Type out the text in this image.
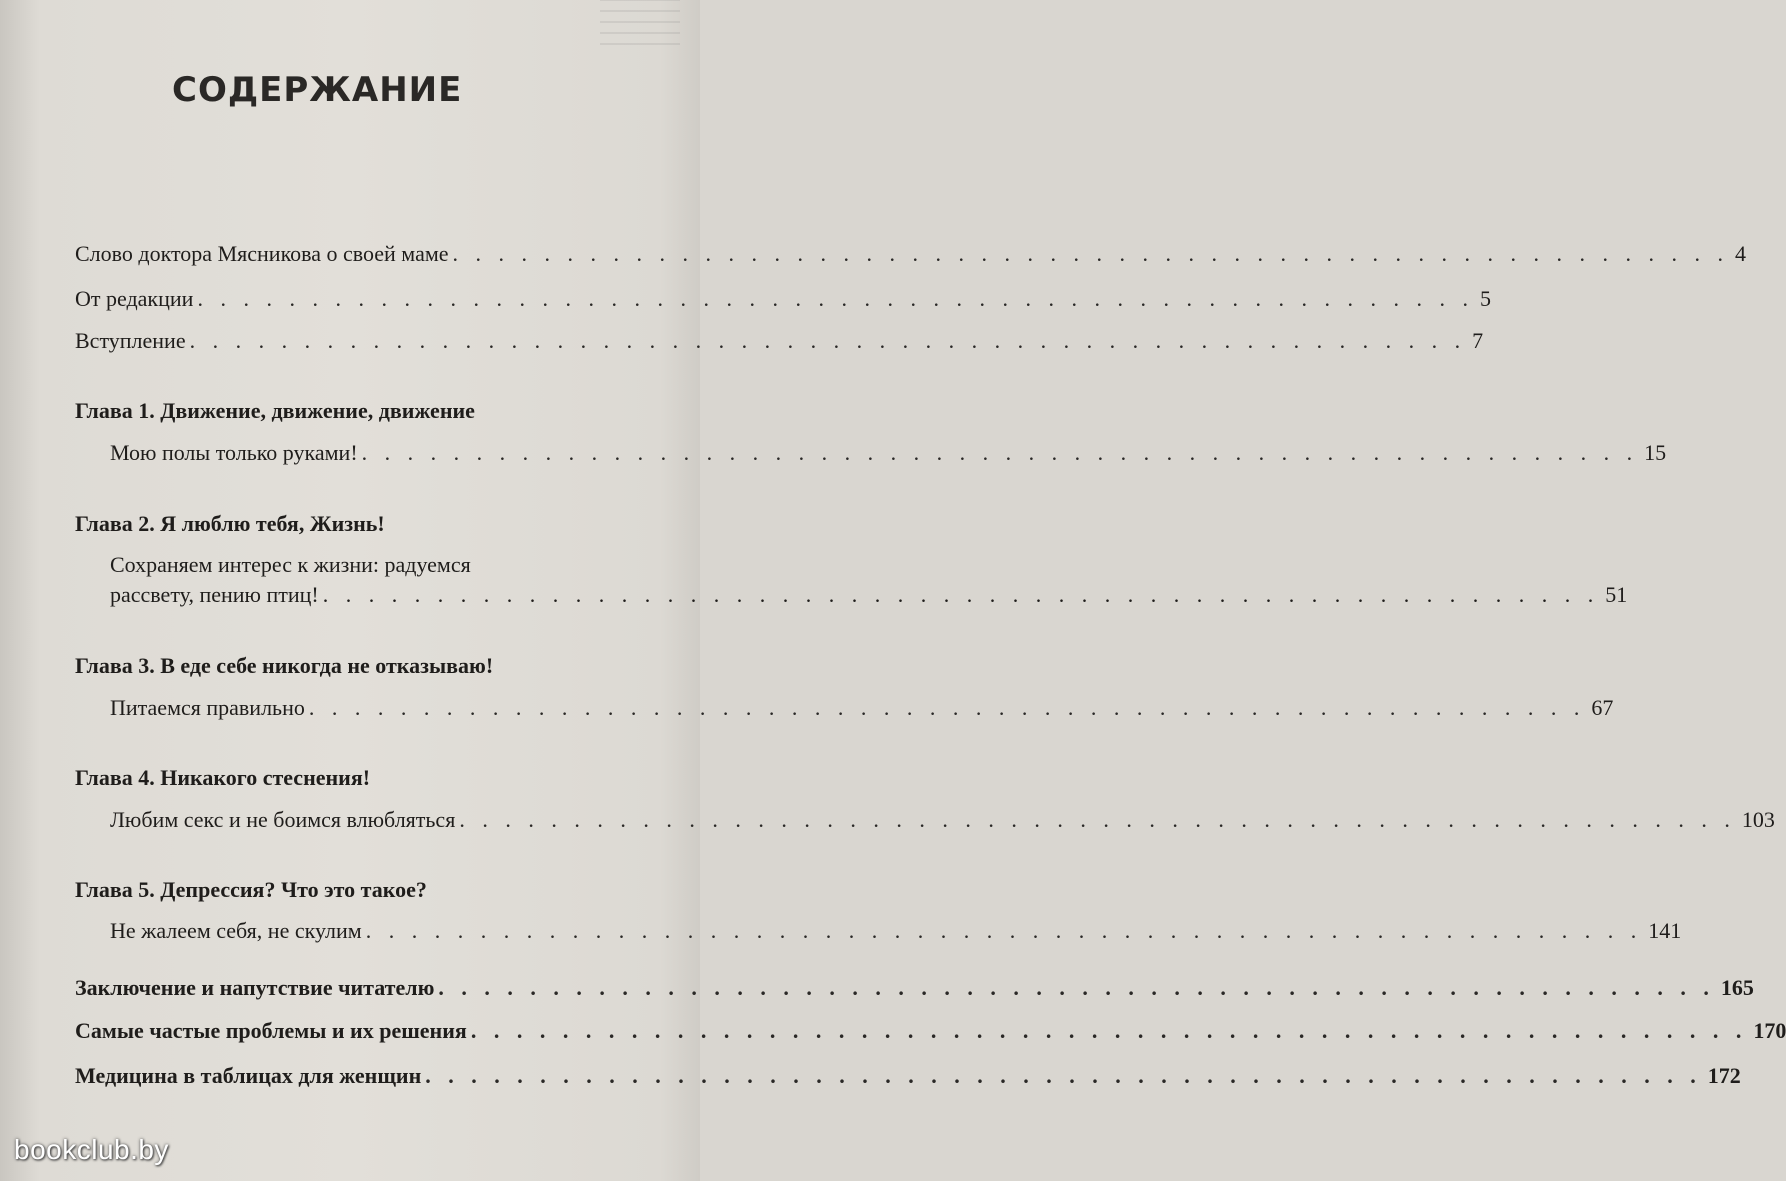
СОДЕРЖАНИЕ
Слово доктора Мясникова о своей маме . . . . . . . . . . . . . . . . . . . . . . . . . . . . . . . . . . . . . . . . . . . . . . . . . . . . . . . . 4
От редакции . . . . . . . . . . . . . . . . . . . . . . . . . . . . . . . . . . . . . . . . . . . . . . . . . . . . . . . . 5
Вступление . . . . . . . . . . . . . . . . . . . . . . . . . . . . . . . . . . . . . . . . . . . . . . . . . . . . . . . . 7
Глава 1. Движение, движение, движение
Мою полы только руками! . . . . . . . . . . . . . . . . . . . . . . . . . . . . . . . . . . . . . . . . . . . . . . . . . . . . . . . . 15
Глава 2. Я люблю тебя, Жизнь!
Сохраняем интерес к жизни: радуемся
рассвету, пению птиц! . . . . . . . . . . . . . . . . . . . . . . . . . . . . . . . . . . . . . . . . . . . . . . . . . . . . . . . . 51
Глава 3. В еде себе никогда не отказываю!
Питаемся правильно . . . . . . . . . . . . . . . . . . . . . . . . . . . . . . . . . . . . . . . . . . . . . . . . . . . . . . . . 67
Глава 4. Никакого стеснения!
Любим секс и не боимся влюбляться . . . . . . . . . . . . . . . . . . . . . . . . . . . . . . . . . . . . . . . . . . . . . . . . . . . . . . . . 103
Глава 5. Депрессия? Что это такое?
Не жалеем себя, не скулим . . . . . . . . . . . . . . . . . . . . . . . . . . . . . . . . . . . . . . . . . . . . . . . . . . . . . . . . 141
Заключение и напутствие читателю . . . . . . . . . . . . . . . . . . . . . . . . . . . . . . . . . . . . . . . . . . . . . . . . . . . . . . . . 165
Самые частые проблемы и их решения . . . . . . . . . . . . . . . . . . . . . . . . . . . . . . . . . . . . . . . . . . . . . . . . . . . . . . . . 170
Медицина в таблицах для женщин . . . . . . . . . . . . . . . . . . . . . . . . . . . . . . . . . . . . . . . . . . . . . . . . . . . . . . . . 172
bookclub.by
